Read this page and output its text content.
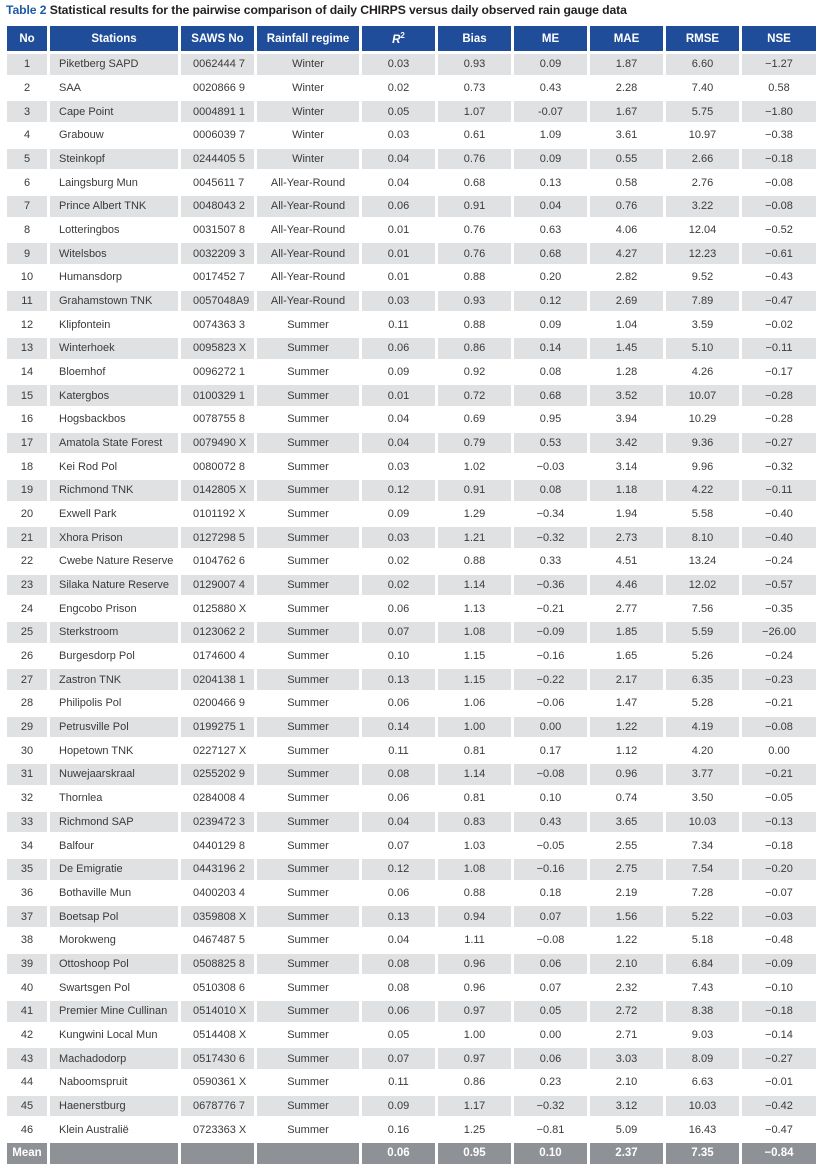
Table 2 Statistical results for the pairwise comparison of daily CHIRPS versus daily observed rain gauge data
No	Stations	SAWS No	Rainfall regime	$R^2$	Bias	ME	MAE	RMSE	NSE
1	Piketberg SAPD	0062444 7	Winter	0.03	0.93	0.09	1.87	6.60	−1.27
2	SAA	0020866 9	Winter	0.02	0.73	0.43	2.28	7.40	0.58
3	Cape Point	0004891 1	Winter	0.05	1.07	-0.07	1.67	5.75	−1.80
4	Grabouw	0006039 7	Winter	0.03	0.61	1.09	3.61	10.97	−0.38
5	Steinkopf	0244405 5	Winter	0.04	0.76	0.09	0.55	2.66	−0.18
6	Laingsburg Mun	0045611 7	All-Year-Round	0.04	0.68	0.13	0.58	2.76	−0.08
7	Prince Albert TNK	0048043 2	All-Year-Round	0.06	0.91	0.04	0.76	3.22	−0.08
8	Lotteringbos	0031507 8	All-Year-Round	0.01	0.76	0.63	4.06	12.04	−0.52
9	Witelsbos	0032209 3	All-Year-Round	0.01	0.76	0.68	4.27	12.23	−0.61
10	Humansdorp	0017452 7	All-Year-Round	0.01	0.88	0.20	2.82	9.52	−0.43
11	Grahamstown TNK	0057048A9	All-Year-Round	0.03	0.93	0.12	2.69	7.89	−0.47
12	Klipfontein	0074363 3	Summer	0.11	0.88	0.09	1.04	3.59	−0.02
13	Winterhoek	0095823 X	Summer	0.06	0.86	0.14	1.45	5.10	−0.11
14	Bloemhof	0096272 1	Summer	0.09	0.92	0.08	1.28	4.26	−0.17
15	Katergbos	0100329 1	Summer	0.01	0.72	0.68	3.52	10.07	−0.28
16	Hogsbackbos	0078755 8	Summer	0.04	0.69	0.95	3.94	10.29	−0.28
17	Amatola State Forest	0079490 X	Summer	0.04	0.79	0.53	3.42	9.36	−0.27
18	Kei Rod Pol	0080072 8	Summer	0.03	1.02	−0.03	3.14	9.96	−0.32
19	Richmond TNK	0142805 X	Summer	0.12	0.91	0.08	1.18	4.22	−0.11
20	Exwell Park	0101192 X	Summer	0.09	1.29	−0.34	1.94	5.58	−0.40
21	Xhora Prison	0127298 5	Summer	0.03	1.21	−0.32	2.73	8.10	−0.40
22	Cwebe Nature Reserve	0104762 6	Summer	0.02	0.88	0.33	4.51	13.24	−0.24
23	Silaka Nature Reserve	0129007 4	Summer	0.02	1.14	−0.36	4.46	12.02	−0.57
24	Engcobo Prison	0125880 X	Summer	0.06	1.13	−0.21	2.77	7.56	−0.35
25	Sterkstroom	0123062 2	Summer	0.07	1.08	−0.09	1.85	5.59	−26.00
26	Burgesdorp Pol	0174600 4	Summer	0.10	1.15	−0.16	1.65	5.26	−0.24
27	Zastron TNK	0204138 1	Summer	0.13	1.15	−0.22	2.17	6.35	−0.23
28	Philipolis Pol	0200466 9	Summer	0.06	1.06	−0.06	1.47	5.28	−0.21
29	Petrusville Pol	0199275 1	Summer	0.14	1.00	0.00	1.22	4.19	−0.08
30	Hopetown TNK	0227127 X	Summer	0.11	0.81	0.17	1.12	4.20	0.00
31	Nuwejaarskraal	0255202 9	Summer	0.08	1.14	−0.08	0.96	3.77	−0.21
32	Thornlea	0284008 4	Summer	0.06	0.81	0.10	0.74	3.50	−0.05
33	Richmond SAP	0239472 3	Summer	0.04	0.83	0.43	3.65	10.03	−0.13
34	Balfour	0440129 8	Summer	0.07	1.03	−0.05	2.55	7.34	−0.18
35	De Emigratie	0443196 2	Summer	0.12	1.08	−0.16	2.75	7.54	−0.20
36	Bothaville Mun	0400203 4	Summer	0.06	0.88	0.18	2.19	7.28	−0.07
37	Boetsap Pol	0359808 X	Summer	0.13	0.94	0.07	1.56	5.22	−0.03
38	Morokweng	0467487 5	Summer	0.04	1.11	−0.08	1.22	5.18	−0.48
39	Ottoshoop Pol	0508825 8	Summer	0.08	0.96	0.06	2.10	6.84	−0.09
40	Swartsgen Pol	0510308 6	Summer	0.08	0.96	0.07	2.32	7.43	−0.10
41	Premier Mine Cullinan	0514010 X	Summer	0.06	0.97	0.05	2.72	8.38	−0.18
42	Kungwini Local Mun	0514408 X	Summer	0.05	1.00	0.00	2.71	9.03	−0.14
43	Machadodorp	0517430 6	Summer	0.07	0.97	0.06	3.03	8.09	−0.27
44	Naboomspruit	0590361 X	Summer	0.11	0.86	0.23	2.10	6.63	−0.01
45	Haenerstburg	0678776 7	Summer	0.09	1.17	−0.32	3.12	10.03	−0.42
46	Klein Australië	0723363 X	Summer	0.16	1.25	−0.81	5.09	16.43	−0.47
Mean				0.06	0.95	0.10	2.37	7.35	−0.84
